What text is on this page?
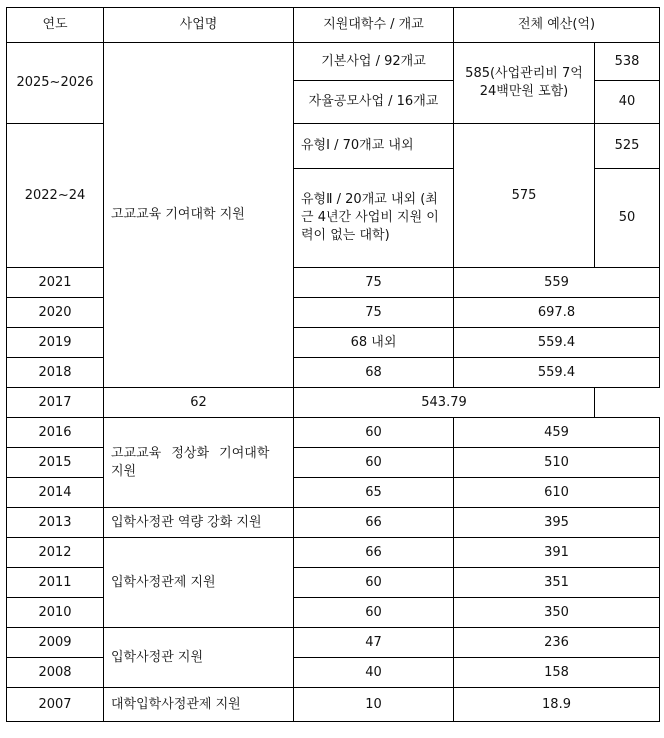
연도	사업명	지원대학수 / 개교	전체 예산(억)	
2025~2026	고교교육 기여대학 지원	기본사업 / 92개교	585(사업관리비 7억24백만원 포함)	538
		자율공모사업 / 16개교		40
2022~24		유형Ⅰ / 70개교 내외	575	525
		유형Ⅱ / 20개교 내외 (최근 4년간 사업비 지원 이력이 없는 대학)		50
2021		75	559	
2020		75	697.8	
2019		68 내외	559.4	
2018		68	559.4	
2017	62	543.79		
2016	고교교육 정상화 기여대학 지원	60	459	
2015		60	510	
2014		65	610	
2013	입학사정관 역량 강화 지원	66	395	
2012	입학사정관제 지원	66	391	
2011		60	351	
2010		60	350	
2009	입학사정관 지원	47	236	
2008		40	158	
2007	대학입학사정관제 지원	10	18.9	
